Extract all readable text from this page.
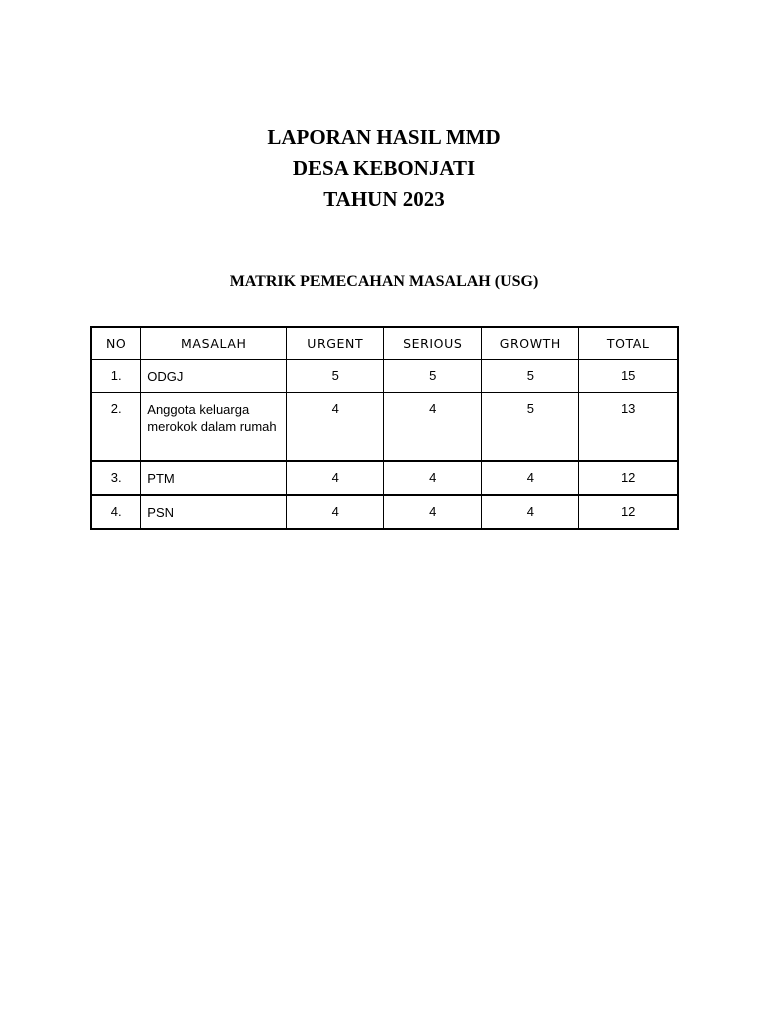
LAPORAN HASIL MMD
DESA KEBONJATI
TAHUN 2023
MATRIK PEMECAHAN MASALAH (USG)
NO	MASALAH	URGENT	SERIOUS	GROWTH	TOTAL
1.	ODGJ	5	5	5	15
2.	Anggota keluarga merokok dalam rumah	4	4	5	13
3.	PTM	4	4	4	12
4.	PSN	4	4	4	12
